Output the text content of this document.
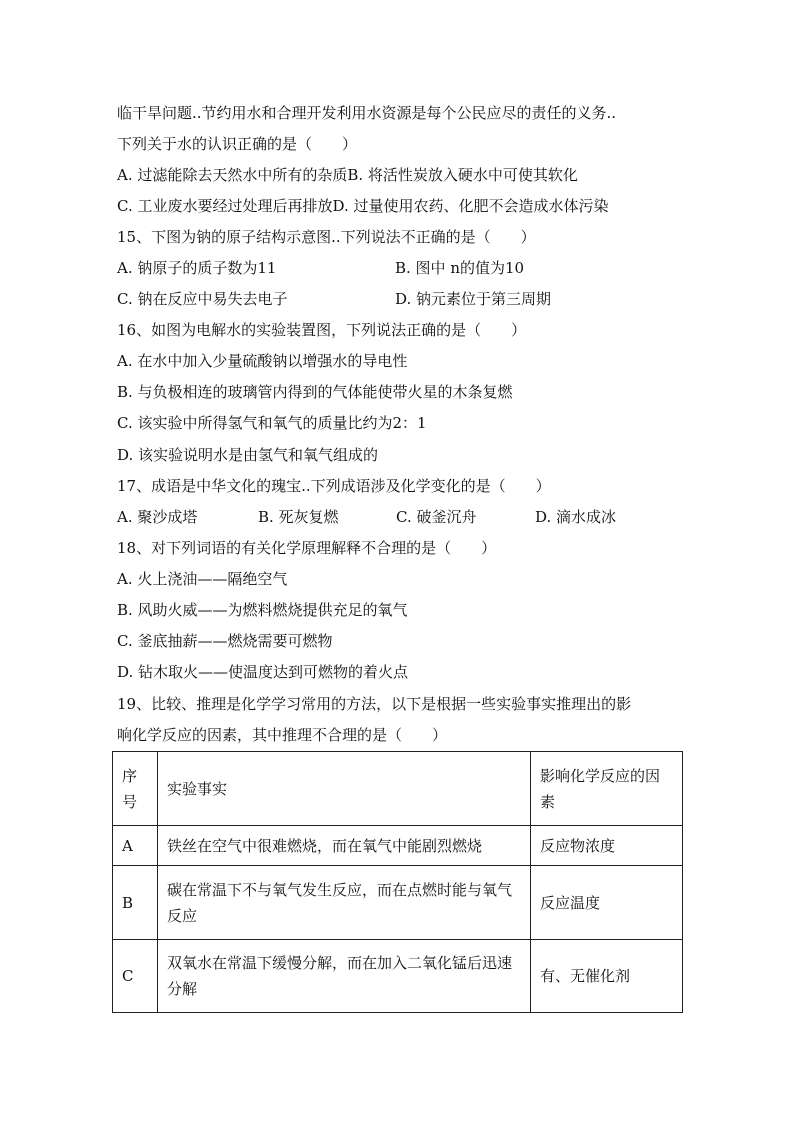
临干旱问题..节约用水和合理开发利用水资源是每个公民应尽的责任的义务..
下列关于水的认识正确的是（　　）
A. 过滤能除去天然水中所有的杂质B. 将活性炭放入硬水中可使其软化
C. 工业废水要经过处理后再排放D. 过量使用农药、化肥不会造成水体污染
15、下图为钠的原子结构示意图..下列说法不正确的是（　　）
A. 钠原子的质子数为11	B. 图中 n的值为10
C. 钠在反应中易失去电子	D. 钠元素位于第三周期
16、如图为电解水的实验装置图，下列说法正确的是（　　）
A. 在水中加入少量硫酸钠以增强水的导电性
B. 与负极相连的玻璃管内得到的气体能使带火星的木条复燃
C. 该实验中所得氢气和氧气的质量比约为2：1
D. 该实验说明水是由氢气和氧气组成的
17、成语是中华文化的瑰宝..下列成语涉及化学变化的是（　　）
A. 聚沙成塔	B. 死灰复燃	C. 破釜沉舟	D. 滴水成冰
18、对下列词语的有关化学原理解释不合理的是（　　）
A. 火上浇油——隔绝空气
B. 风助火威——为燃料燃烧提供充足的氧气
C. 釜底抽薪——燃烧需要可燃物
D. 钻木取火——使温度达到可燃物的着火点
19、比较、推理是化学学习常用的方法，以下是根据一些实验事实推理出的影
响化学反应的因素，其中推理不合理的是（　　）
序号	实验事实	影响化学反应的因素
A	铁丝在空气中很难燃烧，而在氧气中能剧烈燃烧	反应物浓度
B	碳在常温下不与氧气发生反应，而在点燃时能与氧气反应	反应温度
C	双氧水在常温下缓慢分解，而在加入二氧化锰后迅速分解	有、无催化剂
